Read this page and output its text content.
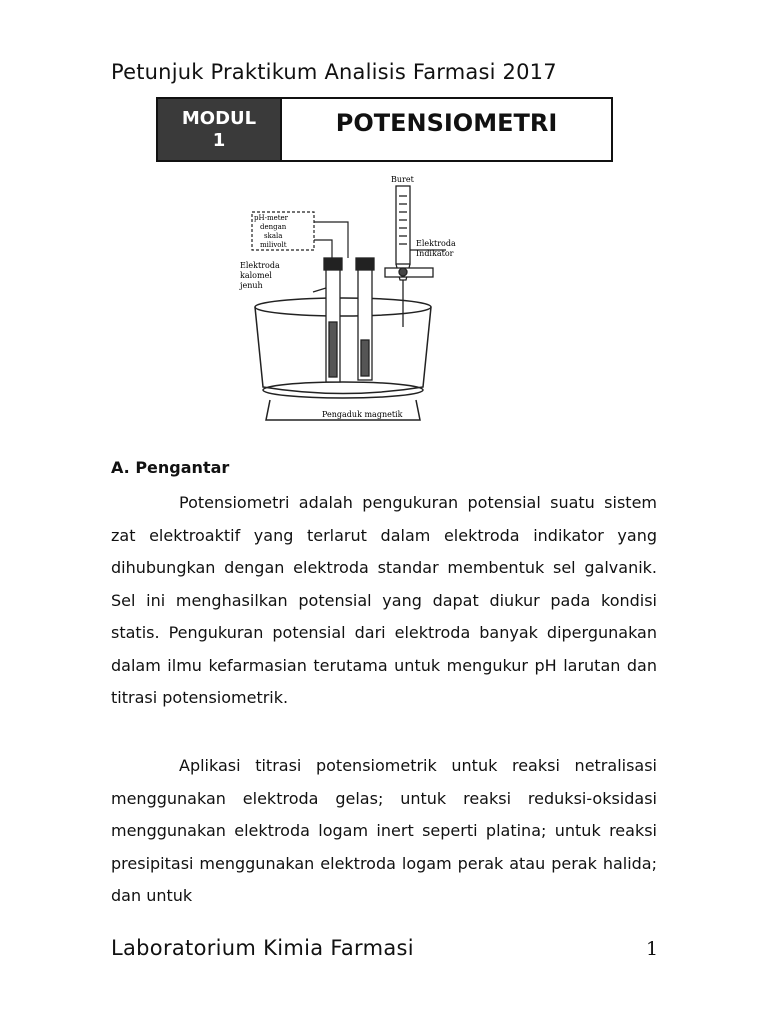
Petunjuk Praktikum Analisis Farmasi 2017
MODUL
1
POTENSIOMETRI
Buret
pH-meter
dengan
skala
milivolt	Elektroda
Indikator
Elektroda
kalomel
jenuh
Pengaduk magnetik
A. Pengantar
Potensiometri adalah pengukuran potensial suatu sistem zat elektroaktif yang terlarut dalam elektroda indikator yang dihubungkan dengan elektroda standar membentuk sel galvanik. Sel ini menghasilkan potensial yang dapat diukur pada kondisi statis. Pengukuran potensial dari elektroda banyak dipergunakan dalam ilmu kefarmasian terutama untuk mengukur pH larutan dan titrasi potensiometrik.
Aplikasi titrasi potensiometrik untuk reaksi netralisasi menggunakan elektroda gelas; untuk reaksi reduksi-oksidasi menggunakan elektroda logam inert seperti platina; untuk reaksi presipitasi menggunakan elektroda logam perak atau perak halida; dan untuk
Laboratorium Kimia Farmasi	1
